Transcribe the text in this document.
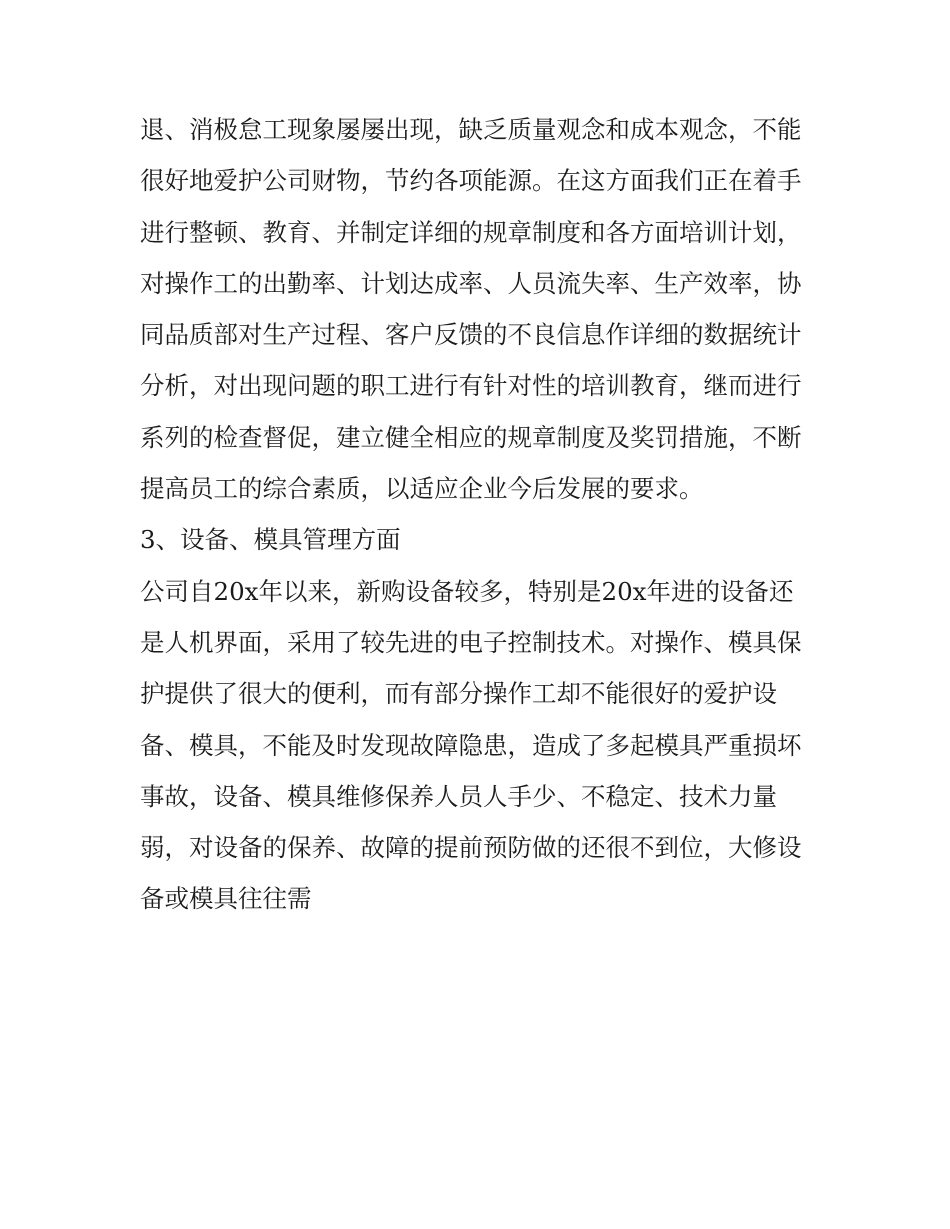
退、消极怠工现象屡屡出现，缺乏质量观念和成本观念，不能
很好地爱护公司财物，节约各项能源。在这方面我们正在着手
进行整顿、教育、并制定详细的规章制度和各方面培训计划，
对操作工的出勤率、计划达成率、人员流失率、生产效率，协
同品质部对生产过程、客户反馈的不良信息作详细的数据统计
分析，对出现问题的职工进行有针对性的培训教育，继而进行
系列的检查督促，建立健全相应的规章制度及奖罚措施，不断
提高员工的综合素质，以适应企业今后发展的要求。
3、设备、模具管理方面
公司自20x年以来，新购设备较多，特别是20x年进的设备还
是人机界面，采用了较先进的电子控制技术。对操作、模具保
护提供了很大的便利，而有部分操作工却不能很好的爱护设
备、模具，不能及时发现故障隐患，造成了多起模具严重损坏
事故，设备、模具维修保养人员人手少、不稳定、技术力量
弱，对设备的保养、故障的提前预防做的还很不到位，大修设
备或模具往往需
